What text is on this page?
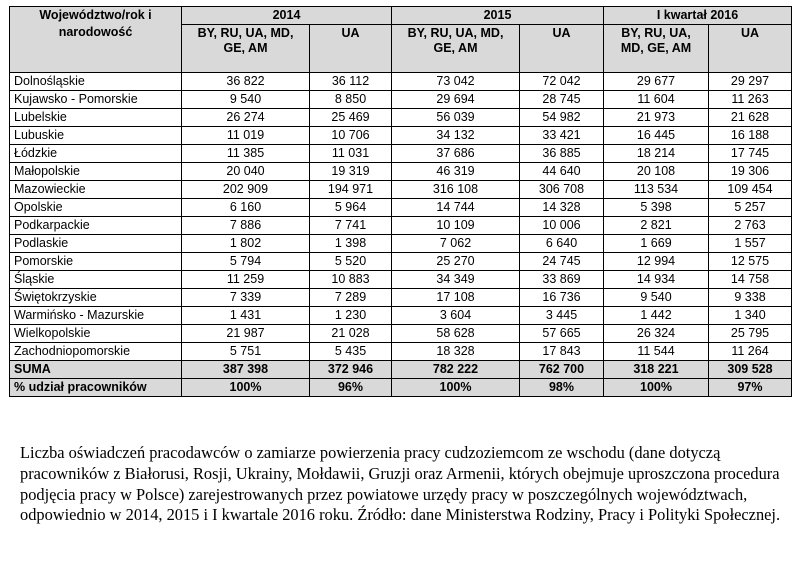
Województwo/rok i narodowość	2014		2015		I kwartał 2016	
	BY, RU, UA, MD, GE, AM	UA	BY, RU, UA, MD, GE, AM	UA	BY, RU, UA, MD, GE, AM	UA
Dolnośląskie	36 822	36 112	73 042	72 042	29 677	29 297
Kujawsko - Pomorskie	9 540	8 850	29 694	28 745	11 604	11 263
Lubelskie	26 274	25 469	56 039	54 982	21 973	21 628
Lubuskie	11 019	10 706	34 132	33 421	16 445	16 188
Łódzkie	11 385	11 031	37 686	36 885	18 214	17 745
Małopolskie	20 040	19 319	46 319	44 640	20 108	19 306
Mazowieckie	202 909	194 971	316 108	306 708	113 534	109 454
Opolskie	6 160	5 964	14 744	14 328	5 398	5 257
Podkarpackie	7 886	7 741	10 109	10 006	2 821	2 763
Podlaskie	1 802	1 398	7 062	6 640	1 669	1 557
Pomorskie	5 794	5 520	25 270	24 745	12 994	12 575
Śląskie	11 259	10 883	34 349	33 869	14 934	14 758
Świętokrzyskie	7 339	7 289	17 108	16 736	9 540	9 338
Warmińsko - Mazurskie	1 431	1 230	3 604	3 445	1 442	1 340
Wielkopolskie	21 987	21 028	58 628	57 665	26 324	25 795
Zachodniopomorskie	5 751	5 435	18 328	17 843	11 544	11 264
SUMA	387 398	372 946	782 222	762 700	318 221	309 528
% udział pracowników	100%	96%	100%	98%	100%	97%

Liczba oświadczeń pracodawców o zamiarze powierzenia pracy cudzoziemcom ze wschodu (dane dotyczą pracowników z Białorusi, Rosji, Ukrainy, Mołdawii, Gruzji oraz Armenii, których obejmuje uproszczona procedura podjęcia pracy w Polsce) zarejestrowanych przez powiatowe urzędy pracy w poszczególnych województwach, odpowiednio w 2014, 2015 i I kwartale 2016 roku. Źródło: dane Ministerstwa Rodziny, Pracy i Polityki Społecznej.
